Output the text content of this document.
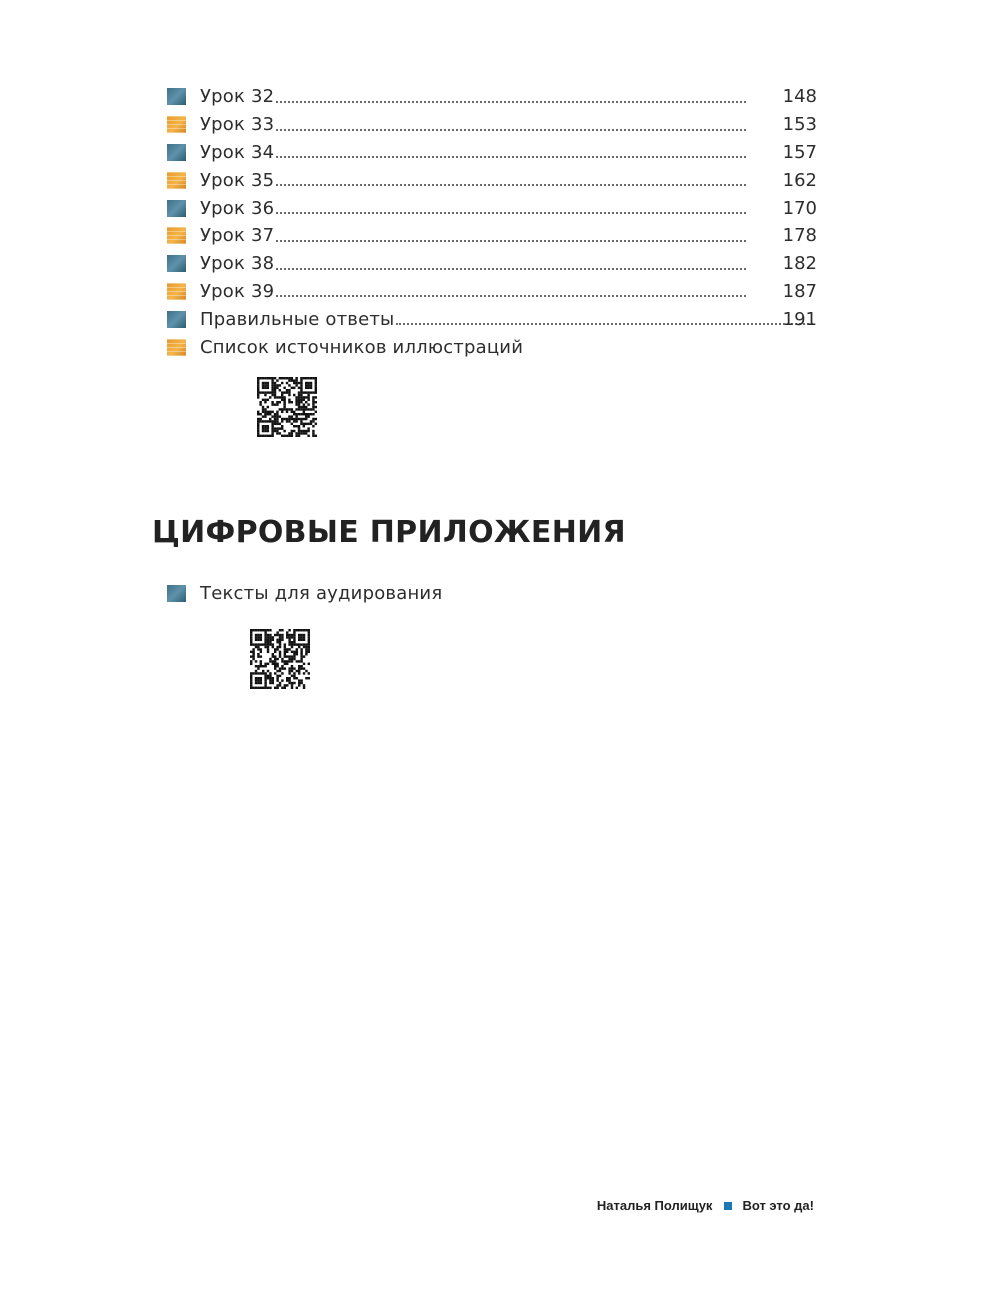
Урок 32	148
Урок 33	153
Урок 34	157
Урок 35	162
Урок 36	170
Урок 37	178
Урок 38	182
Урок 39	187
Правильные ответы	191
Список источников иллюстраций
ЦИФРОВЫЕ ПРИЛОЖЕНИЯ
Тексты для аудирования
Наталья Полищук Вот это да!
